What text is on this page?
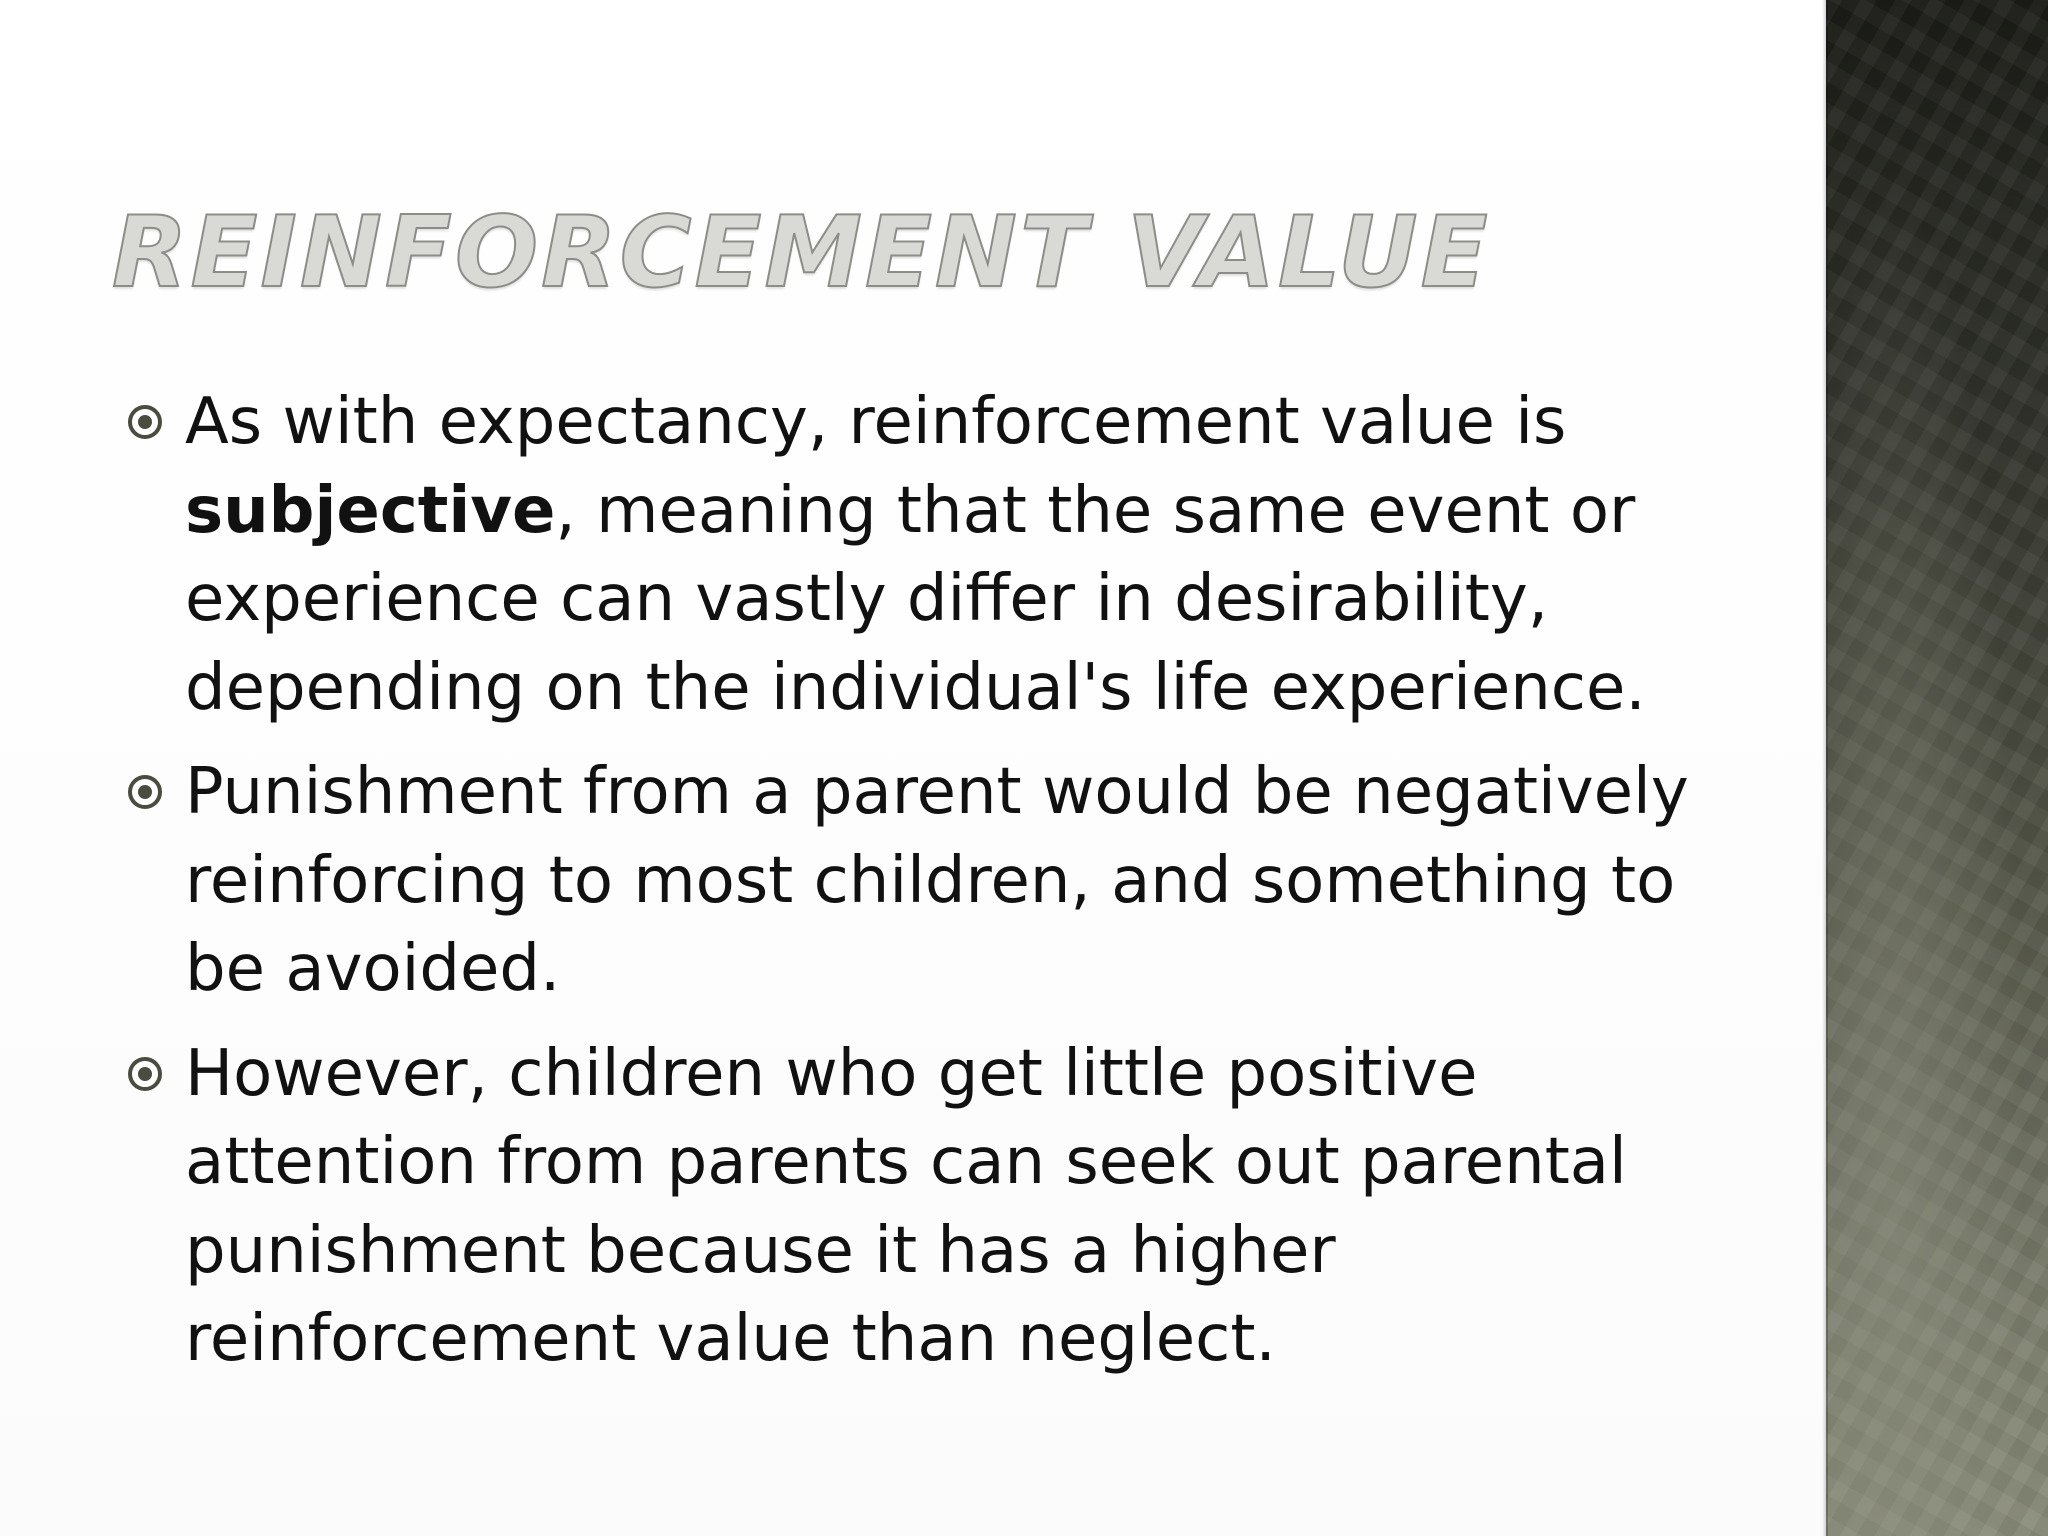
REINFORCEMENT VALUE
As with expectancy, reinforcement value is subjective, meaning that the same event or experience can vastly differ in desirability, depending on the individual's life experience.
Punishment from a parent would be negatively reinforcing to most children, and something to be avoided.
However, children who get little positive attention from parents can seek out parental punishment because it has a higher reinforcement value than neglect.
